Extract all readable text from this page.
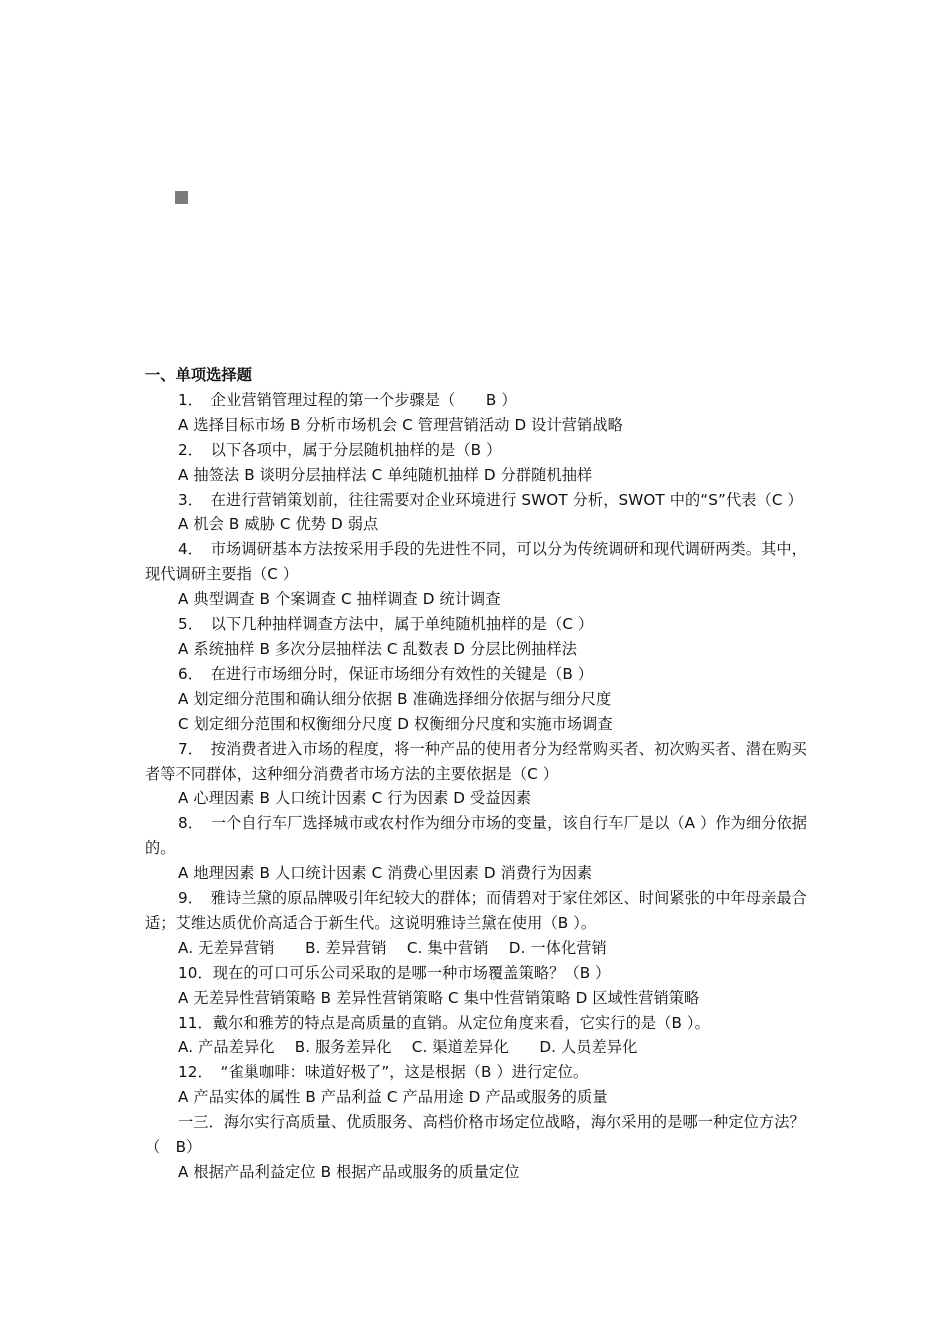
一、单项选择题

1．　企业营销管理过程的第一个步骤是（　　B ）

A 选择目标市场 B 分析市场机会 C 管理营销活动 D 设计营销战略

2．　以下各项中，属于分层随机抽样的是（B ）

A 抽签法 B 谈明分层抽样法 C 单纯随机抽样 D 分群随机抽样

3．　在进行营销策划前，往往需要对企业环境进行 SWOT 分析，SWOT 中的“S”代表（C ）

A 机会 B 威胁 C 优势 D 弱点

4．　市场调研基本方法按采用手段的先进性不同，可以分为传统调研和现代调研两类。其中，现代调研主要指（C ）

A 典型调查 B 个案调查 C 抽样调查 D 统计调查

5．　以下几种抽样调查方法中，属于单纯随机抽样的是（C ）

A 系统抽样 B 多次分层抽样法 C 乱数表 D 分层比例抽样法

6．　在进行市场细分时，保证市场细分有效性的关键是（B ）

A 划定细分范围和确认细分依据 B 准确选择细分依据与细分尺度

C 划定细分范围和权衡细分尺度 D 权衡细分尺度和实施市场调查

7．　按消费者进入市场的程度，将一种产品的使用者分为经常购买者、初次购买者、潜在购买者等不同群体，这种细分消费者市场方法的主要依据是（C ）

A 心理因素 B 人口统计因素 C 行为因素 D 受益因素

8．　一个自行车厂选择城市或农村作为细分市场的变量，该自行车厂是以（A ）作为细分依据的。

A 地理因素 B 人口统计因素 C 消费心里因素 D 消费行为因素

9．　雅诗兰黛的原品牌吸引年纪较大的群体；而倩碧对于家住郊区、时间紧张的中年母亲最合适；艾维达质优价高适合于新生代。这说明雅诗兰黛在使用（B ）。

A. 无差异营销　　B. 差异营销　 C. 集中营销　 D. 一体化营销

10．现在的可口可乐公司采取的是哪一种市场覆盖策略？（B ）

A 无差异性营销策略 B 差异性营销策略 C 集中性营销策略 D 区域性营销策略

11．戴尔和雅芳的特点是高质量的直销。从定位角度来看，它实行的是（B ）。

A. 产品差异化　 B. 服务差异化　 C. 渠道差异化　　D. 人员差异化

12．　“雀巢咖啡：味道好极了”，这是根据（B ）进行定位。

A 产品实体的属性 B 产品利益 C 产品用途 D 产品或服务的质量

一三．海尔实行高质量、优质服务、高档价格市场定位战略，海尔采用的是哪一种定位方法？（　B）

A 根据产品利益定位 B 根据产品或服务的质量定位
